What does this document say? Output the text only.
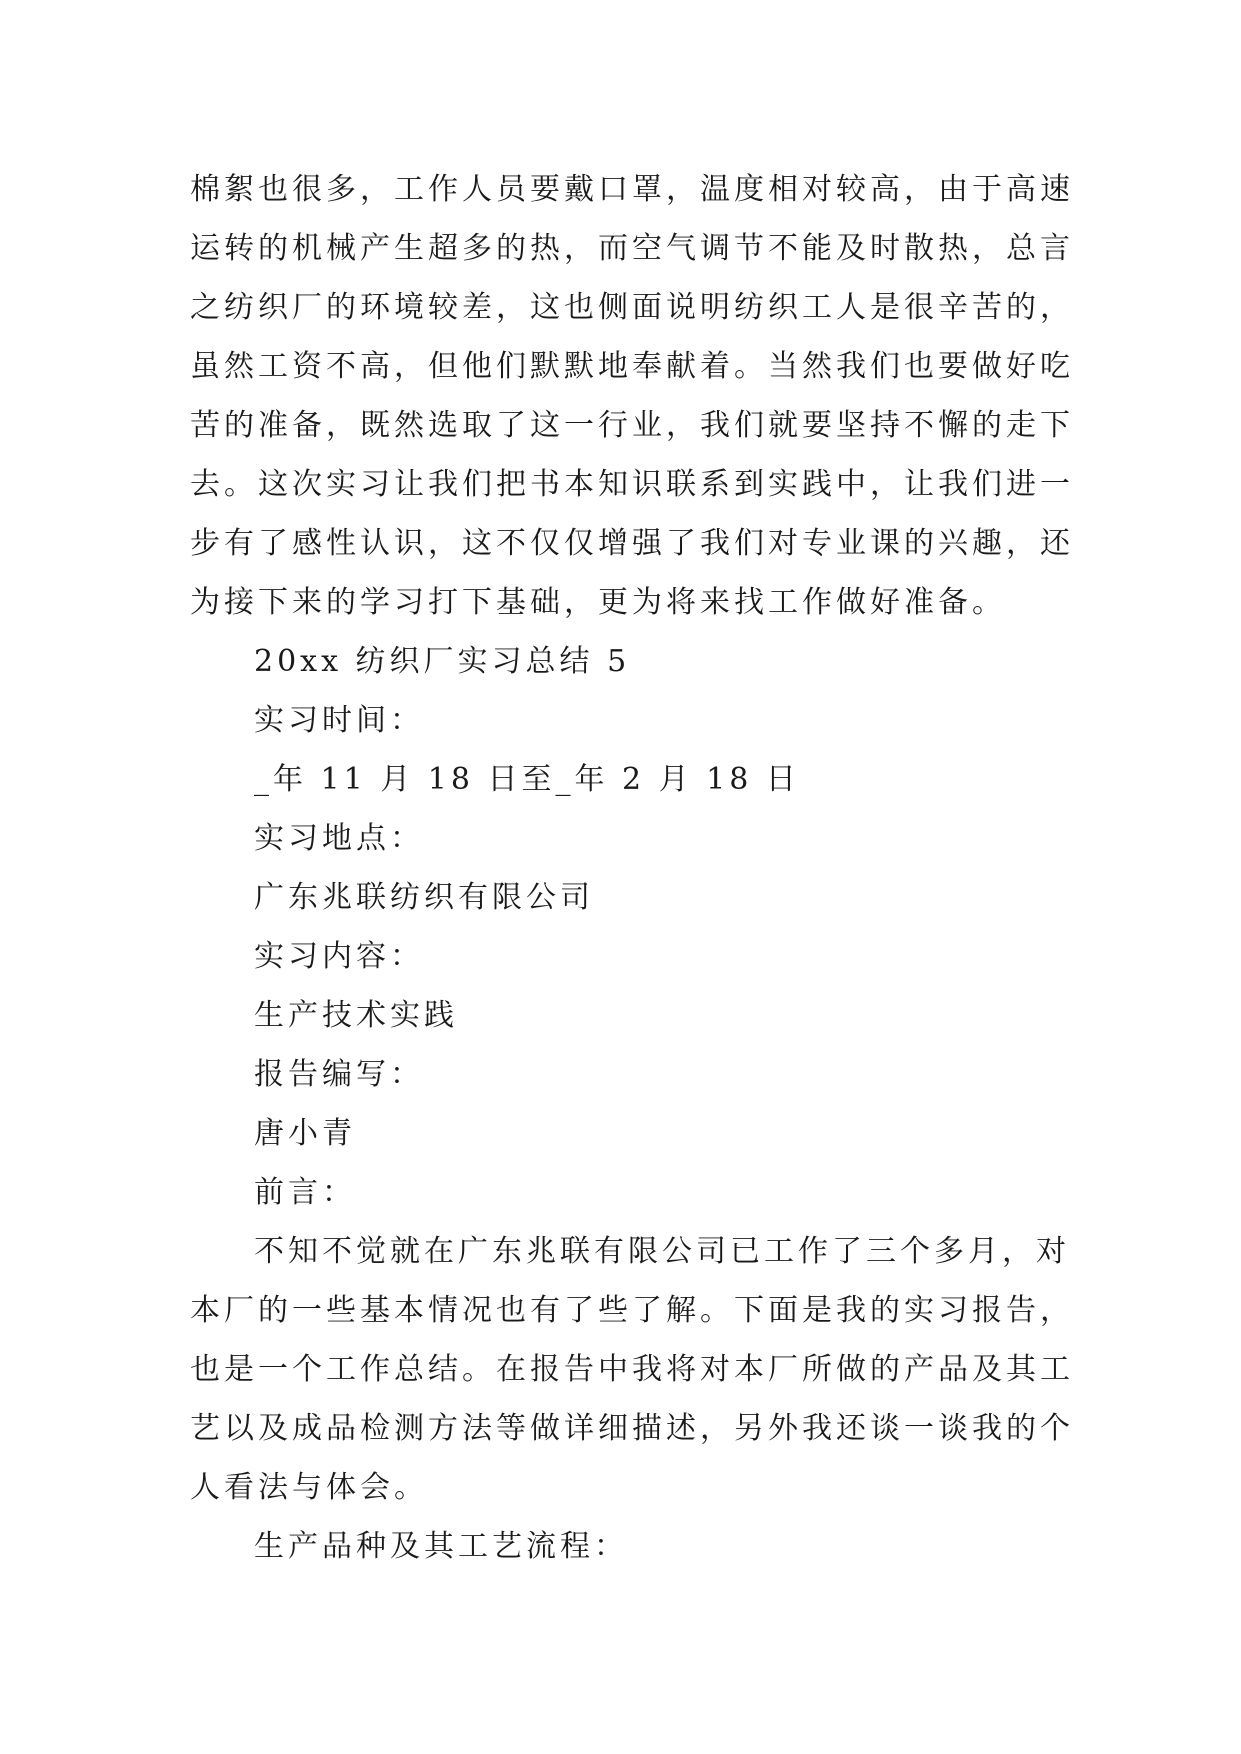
棉絮也很多，工作人员要戴口罩，温度相对较高，由于高速
运转的机械产生超多的热，而空气调节不能及时散热，总言
之纺织厂的环境较差，这也侧面说明纺织工人是很辛苦的，
虽然工资不高，但他们默默地奉献着。当然我们也要做好吃
苦的准备，既然选取了这一行业，我们就要坚持不懈的走下
去。这次实习让我们把书本知识联系到实践中，让我们进一
步有了感性认识，这不仅仅增强了我们对专业课的兴趣，还
为接下来的学习打下基础，更为将来找工作做好准备。
20xx 纺织厂实习总结 5
实习时间：
_年 11 月 18 日至_年 2 月 18 日
实习地点：
广东兆联纺织有限公司
实习内容：
生产技术实践
报告编写：
唐小青
前言：
不知不觉就在广东兆联有限公司已工作了三个多月，对
本厂的一些基本情况也有了些了解。下面是我的实习报告，
也是一个工作总结。在报告中我将对本厂所做的产品及其工
艺以及成品检测方法等做详细描述，另外我还谈一谈我的个
人看法与体会。
生产品种及其工艺流程：
